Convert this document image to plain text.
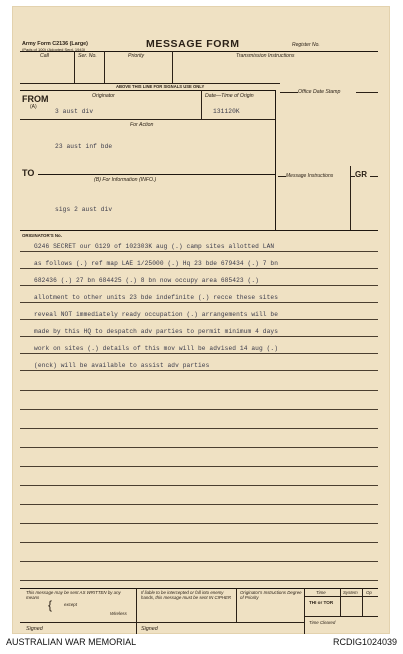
Army Form C2136 (Large)
(Pads of 100) (Adopted Sept. 1943)	MESSAGE FORM	Register No.
Call	Ser. No.	Priority	Transmission Instructions
ABOVE THIS LINE FOR SIGNALS USE ONLY
Office Date Stamp
FROM
(A)
Originator
3 aust div
Date—Time of Origin
131120K
For Action
23 aust inf bde
TO
(B) For Information (INFO.)
sigs 2 aust div
Message Instructions	GR
ORIGINATOR'S No.
G246 SECRET our G129 of 102303K aug (.) camp sites allotted LAN
as follows (.) ref map LAE 1/25000 (.) Hq 23 bde 679434 (.) 7 bn
682436 (.) 27 bn 684425 (.) 8 bn now occupy area 685423 (.)
allotment to other units 23 bde indefinite (.) recce these sites
reveal NOT immediately ready occupation (.) arrangements will be
made by this HQ to despatch adv parties to permit minimum 4 days
work on sites (.) details of this mov will be advised 14 aug (.)
(enck) will be available to assist adv parties
This message may be sent AS WRITTEN by any means
except
Wireless
{
If liable to be intercepted or fall into enemy hands, this message must be sent IN CIPHER
Originator's Instructions Degree of Priority
Time	System Op
THI or TOR
Time Cleared
Signed	Signed
AUSTRALIAN WAR MEMORIAL	RCDIG1024039
